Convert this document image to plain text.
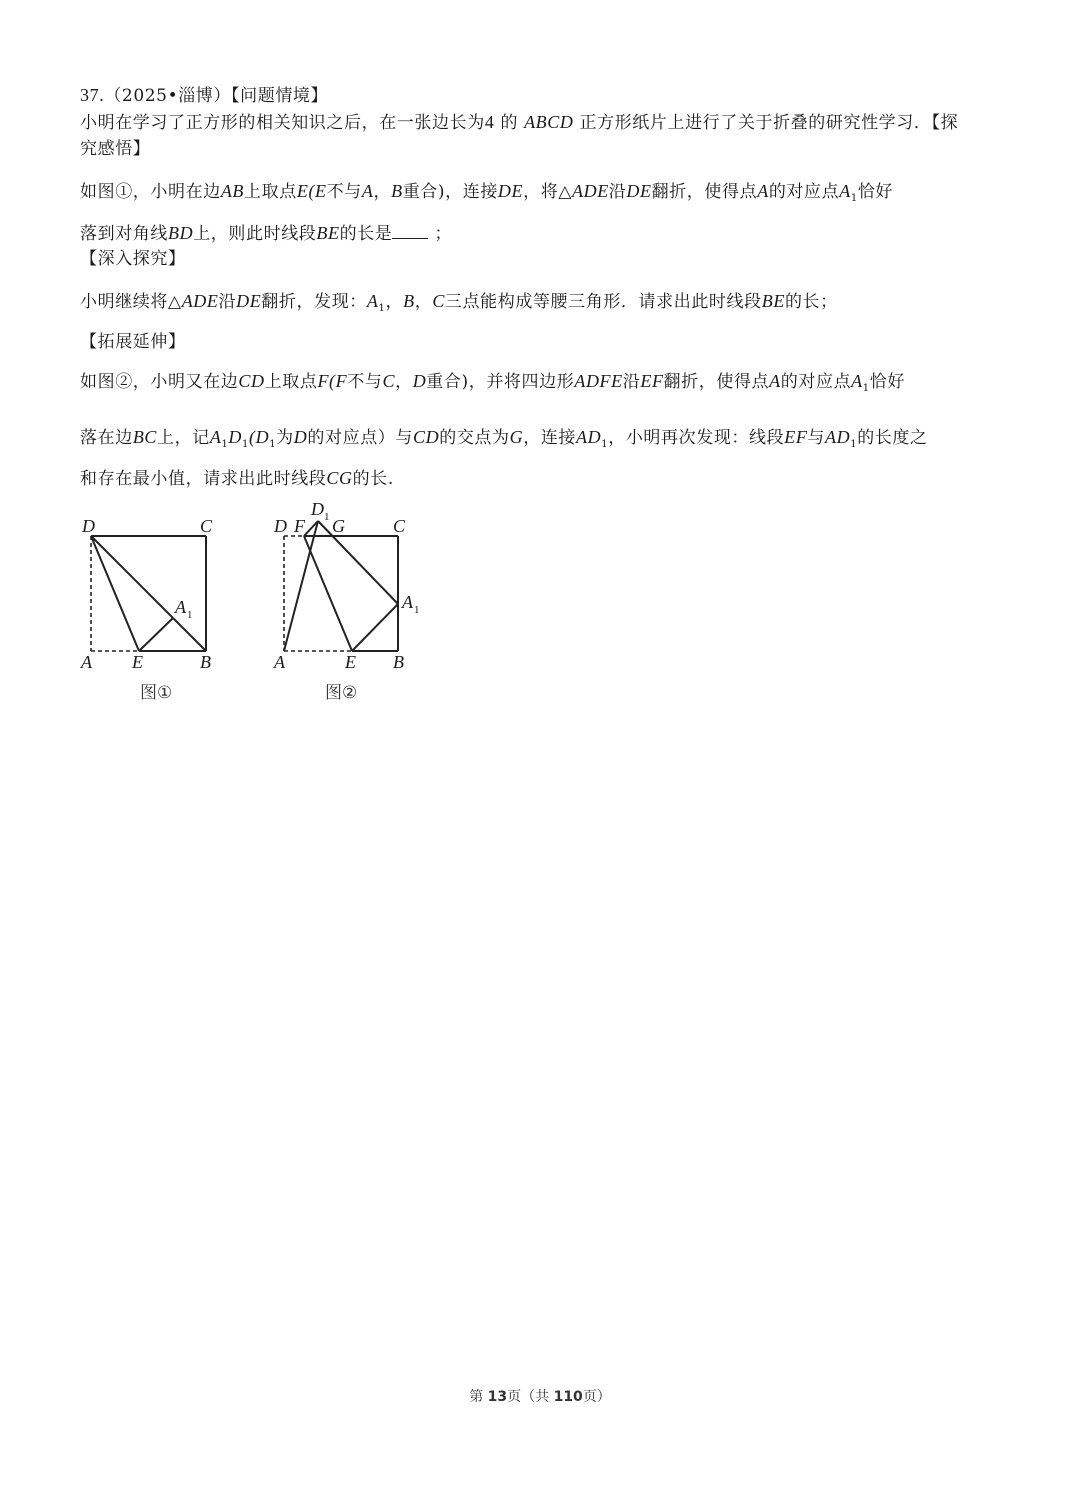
37.（2025•淄博）【问题情境】
小明在学习了正方形的相关知识之后，在一张边长为4 的 ABCD 正方形纸片上进行了关于折叠的研究性学习．【探
究感悟】
如图①，小明在边AB上取点E(E不与A，B重合)，连接DE，将△ADE沿DE翻折，使得点A的对应点$A_1$恰好
落到对角线BD上，则此时线段BE的长是 ；
【深入探究】
小明继续将△ADE沿DE翻折，发现：$A_1$，B，C三点能构成等腰三角形．请求出此时线段BE的长；
【拓展延伸】
如图②，小明又在边CD上取点F(F不与C，D重合)，并将四边形ADFE沿EF翻折，使得点A的对应点$A_1$恰好
落在边BC上，记$A_1D_1(D_1$为D的对应点）与CD的交点为G，连接$AD_1$，小明再次发现：线段EF与$AD_1$的长度之
和存在最小值，请求出此时线段CG的长.
D	C
A E	B
A 1
图①
D F
D 1 G	C
A 1
A	E B
图②
第 13页（共 110页）
